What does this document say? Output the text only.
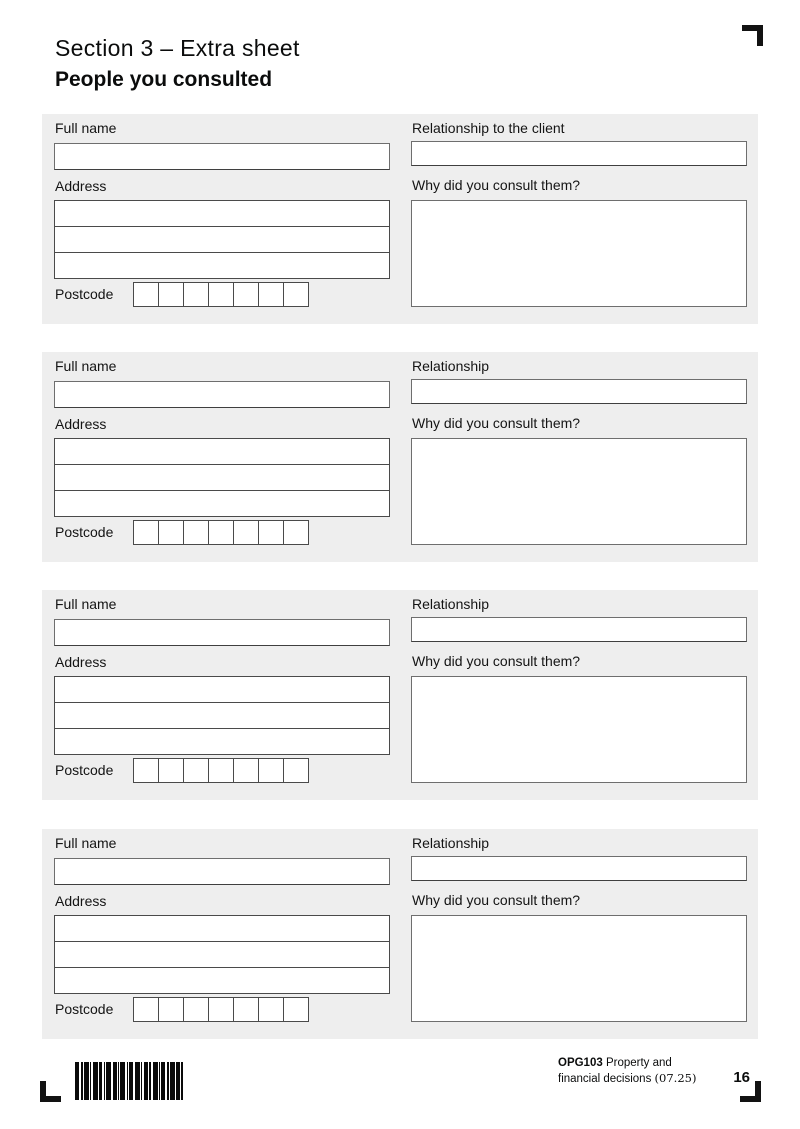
Section 3 – Extra sheet
People you consulted
Full name	Relationship to the client
Address	Why did you consult them?
Postcode
Full name	Relationship
Address	Why did you consult them?
Postcode
Full name	Relationship
Address	Why did you consult them?
Postcode
Full name	Relationship
Address	Why did you consult them?
Postcode
OPG103 Property and
financial decisions (07.25)	16
